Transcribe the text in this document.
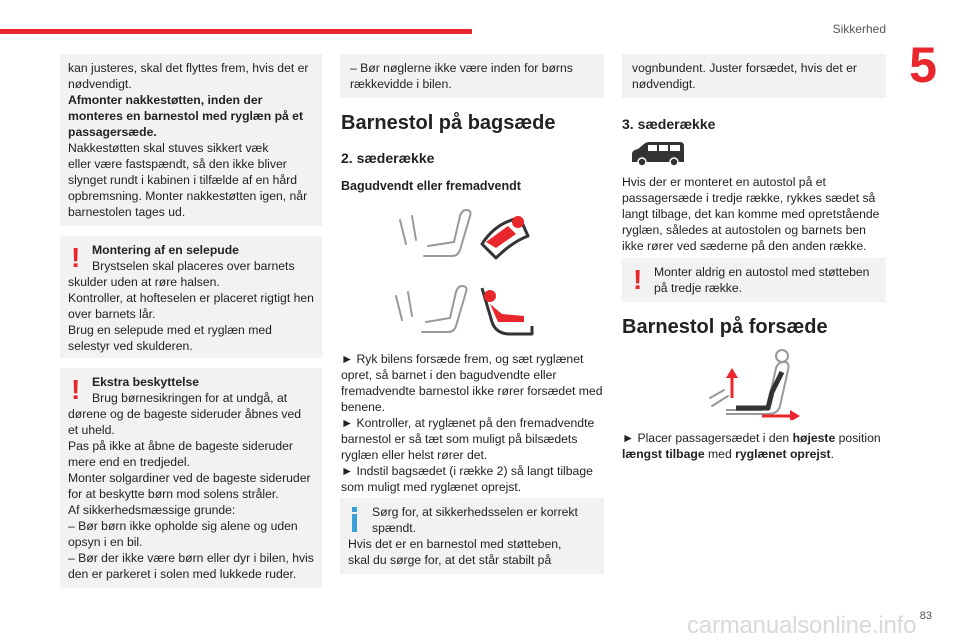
Sikkerhed
5

kan justeres, skal det flyttes frem, hvis det er

nødvendigt.

Afmonter nakkestøtten, inden der

monteres en barnestol med ryglæn på et

passagersæde.

Nakkestøtten skal stuves sikkert væk

eller være fastspændt, så den ikke bliver

slynget rundt i kabinen i tilfælde af en hård

opbremsning. Monter nakkestøtten igen, når

barnestolen tages ud.

! Montering af en selepude

Brystselen skal placeres over barnets

skulder uden at røre halsen.

Kontroller, at hofteselen er placeret rigtigt hen

over barnets lår.

Brug en selepude med et ryglæn med

selestyr ved skulderen.

! Ekstra beskyttelse

Brug børnesikringen for at undgå, at

dørene og de bageste sideruder åbnes ved

et uheld.

Pas på ikke at åbne de bageste sideruder

mere end en tredjedel.

Monter solgardiner ved de bageste sideruder

for at beskytte børn mod solens stråler.

Af sikkerhedsmæssige grunde:

– Bør børn ikke opholde sig alene og uden

opsyn i en bil.

– Bør der ikke være børn eller dyr i bilen, hvis

den er parkeret i solen med lukkede ruder.

– Bør nøglerne ikke være inden for børns

rækkevidde i bilen.

Barnestol på bagsæde
2. sæderække
Bagudvendt eller fremadvendt

► Ryk bilens forsæde frem, og sæt ryglænet

opret, så barnet i den bagudvendte eller

fremadvendte barnestol ikke rører forsædet med

benene.

► Kontroller, at ryglænet på den fremadvendte

barnestol er så tæt som muligt på bilsædets

ryglæn eller helst rører det.

► Indstil bagsædet (i række 2) så langt tilbage

som muligt med ryglænet oprejst.

Sørg for, at sikkerhedsselen er korrekt

spændt.

Hvis det er en barnestol med støtteben,

skal du sørge for, at det står stabilt på

vognbundent. Juster forsædet, hvis det er

nødvendigt.

3. sæderække

Hvis der er monteret en autostol på et

passagersæde i tredje række, rykkes sædet så

langt tilbage, det kan komme med opretstående

ryglæn, således at autostolen og barnets ben

ikke rører ved sæderne på den anden række.

! Monter aldrig en autostol med støtteben

på tredje række.

Barnestol på forsæde

► Placer passagersædet i den højeste position

længst tilbage med ryglænet oprejst.

83
carmanualsonline.info
